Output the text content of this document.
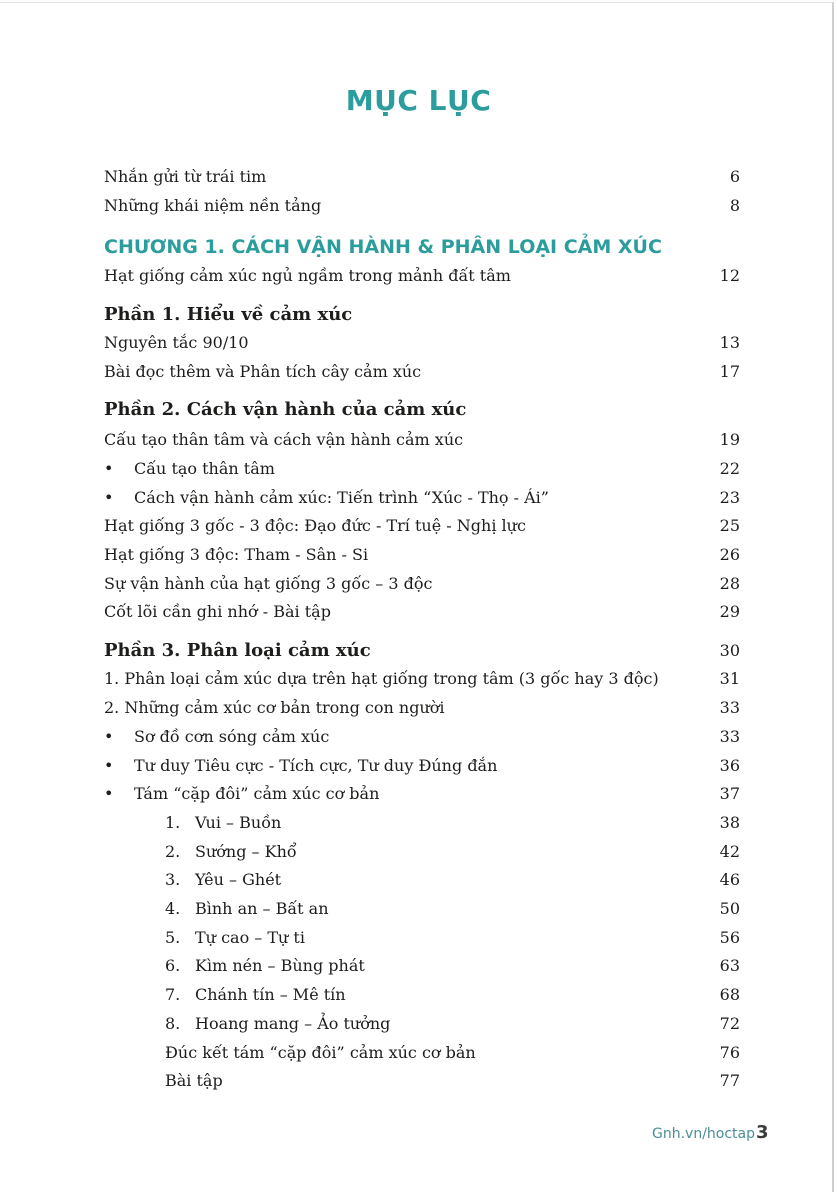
MỤC LỤC
Nhắn gửi từ trái tim	6
Những khái niệm nền tảng	8
CHƯƠNG 1. CÁCH VẬN HÀNH & PHÂN LOẠI CẢM XÚC
Hạt giống cảm xúc ngủ ngầm trong mảnh đất tâm	12
Phần 1. Hiểu về cảm xúc
Nguyên tắc 90/10	13
Bài đọc thêm và Phân tích cây cảm xúc	17
Phần 2. Cách vận hành của cảm xúc
Cấu tạo thân tâm và cách vận hành cảm xúc	19
•	Cấu tạo thân tâm	22
•	Cách vận hành cảm xúc: Tiến trình “Xúc - Thọ - Ái”	23
Hạt giống 3 gốc - 3 độc: Đạo đức - Trí tuệ - Nghị lực	25
Hạt giống 3 độc: Tham - Sân - Si	26
Sự vận hành của hạt giống 3 gốc – 3 độc	28
Cốt lõi cần ghi nhớ - Bài tập	29
Phần 3. Phân loại cảm xúc	30
1. Phân loại cảm xúc dựa trên hạt giống trong tâm (3 gốc hay 3 độc)	31
2. Những cảm xúc cơ bản trong con người	33
•	Sơ đồ cơn sóng cảm xúc	33
•	Tư duy Tiêu cực - Tích cực, Tư duy Đúng đắn	36
•	Tám “cặp đôi” cảm xúc cơ bản	37
1. Vui – Buồn	38
2. Sướng – Khổ	42
3. Yêu – Ghét	46
4. Bình an – Bất an	50
5. Tự cao – Tự ti	56
6. Kìm nén – Bùng phát	63
7. Chánh tín – Mê tín	68
8. Hoang mang – Ảo tưởng	72
Đúc kết tám “cặp đôi” cảm xúc cơ bản	76
Bài tập	77
Gnh.vn/hoctap 3
